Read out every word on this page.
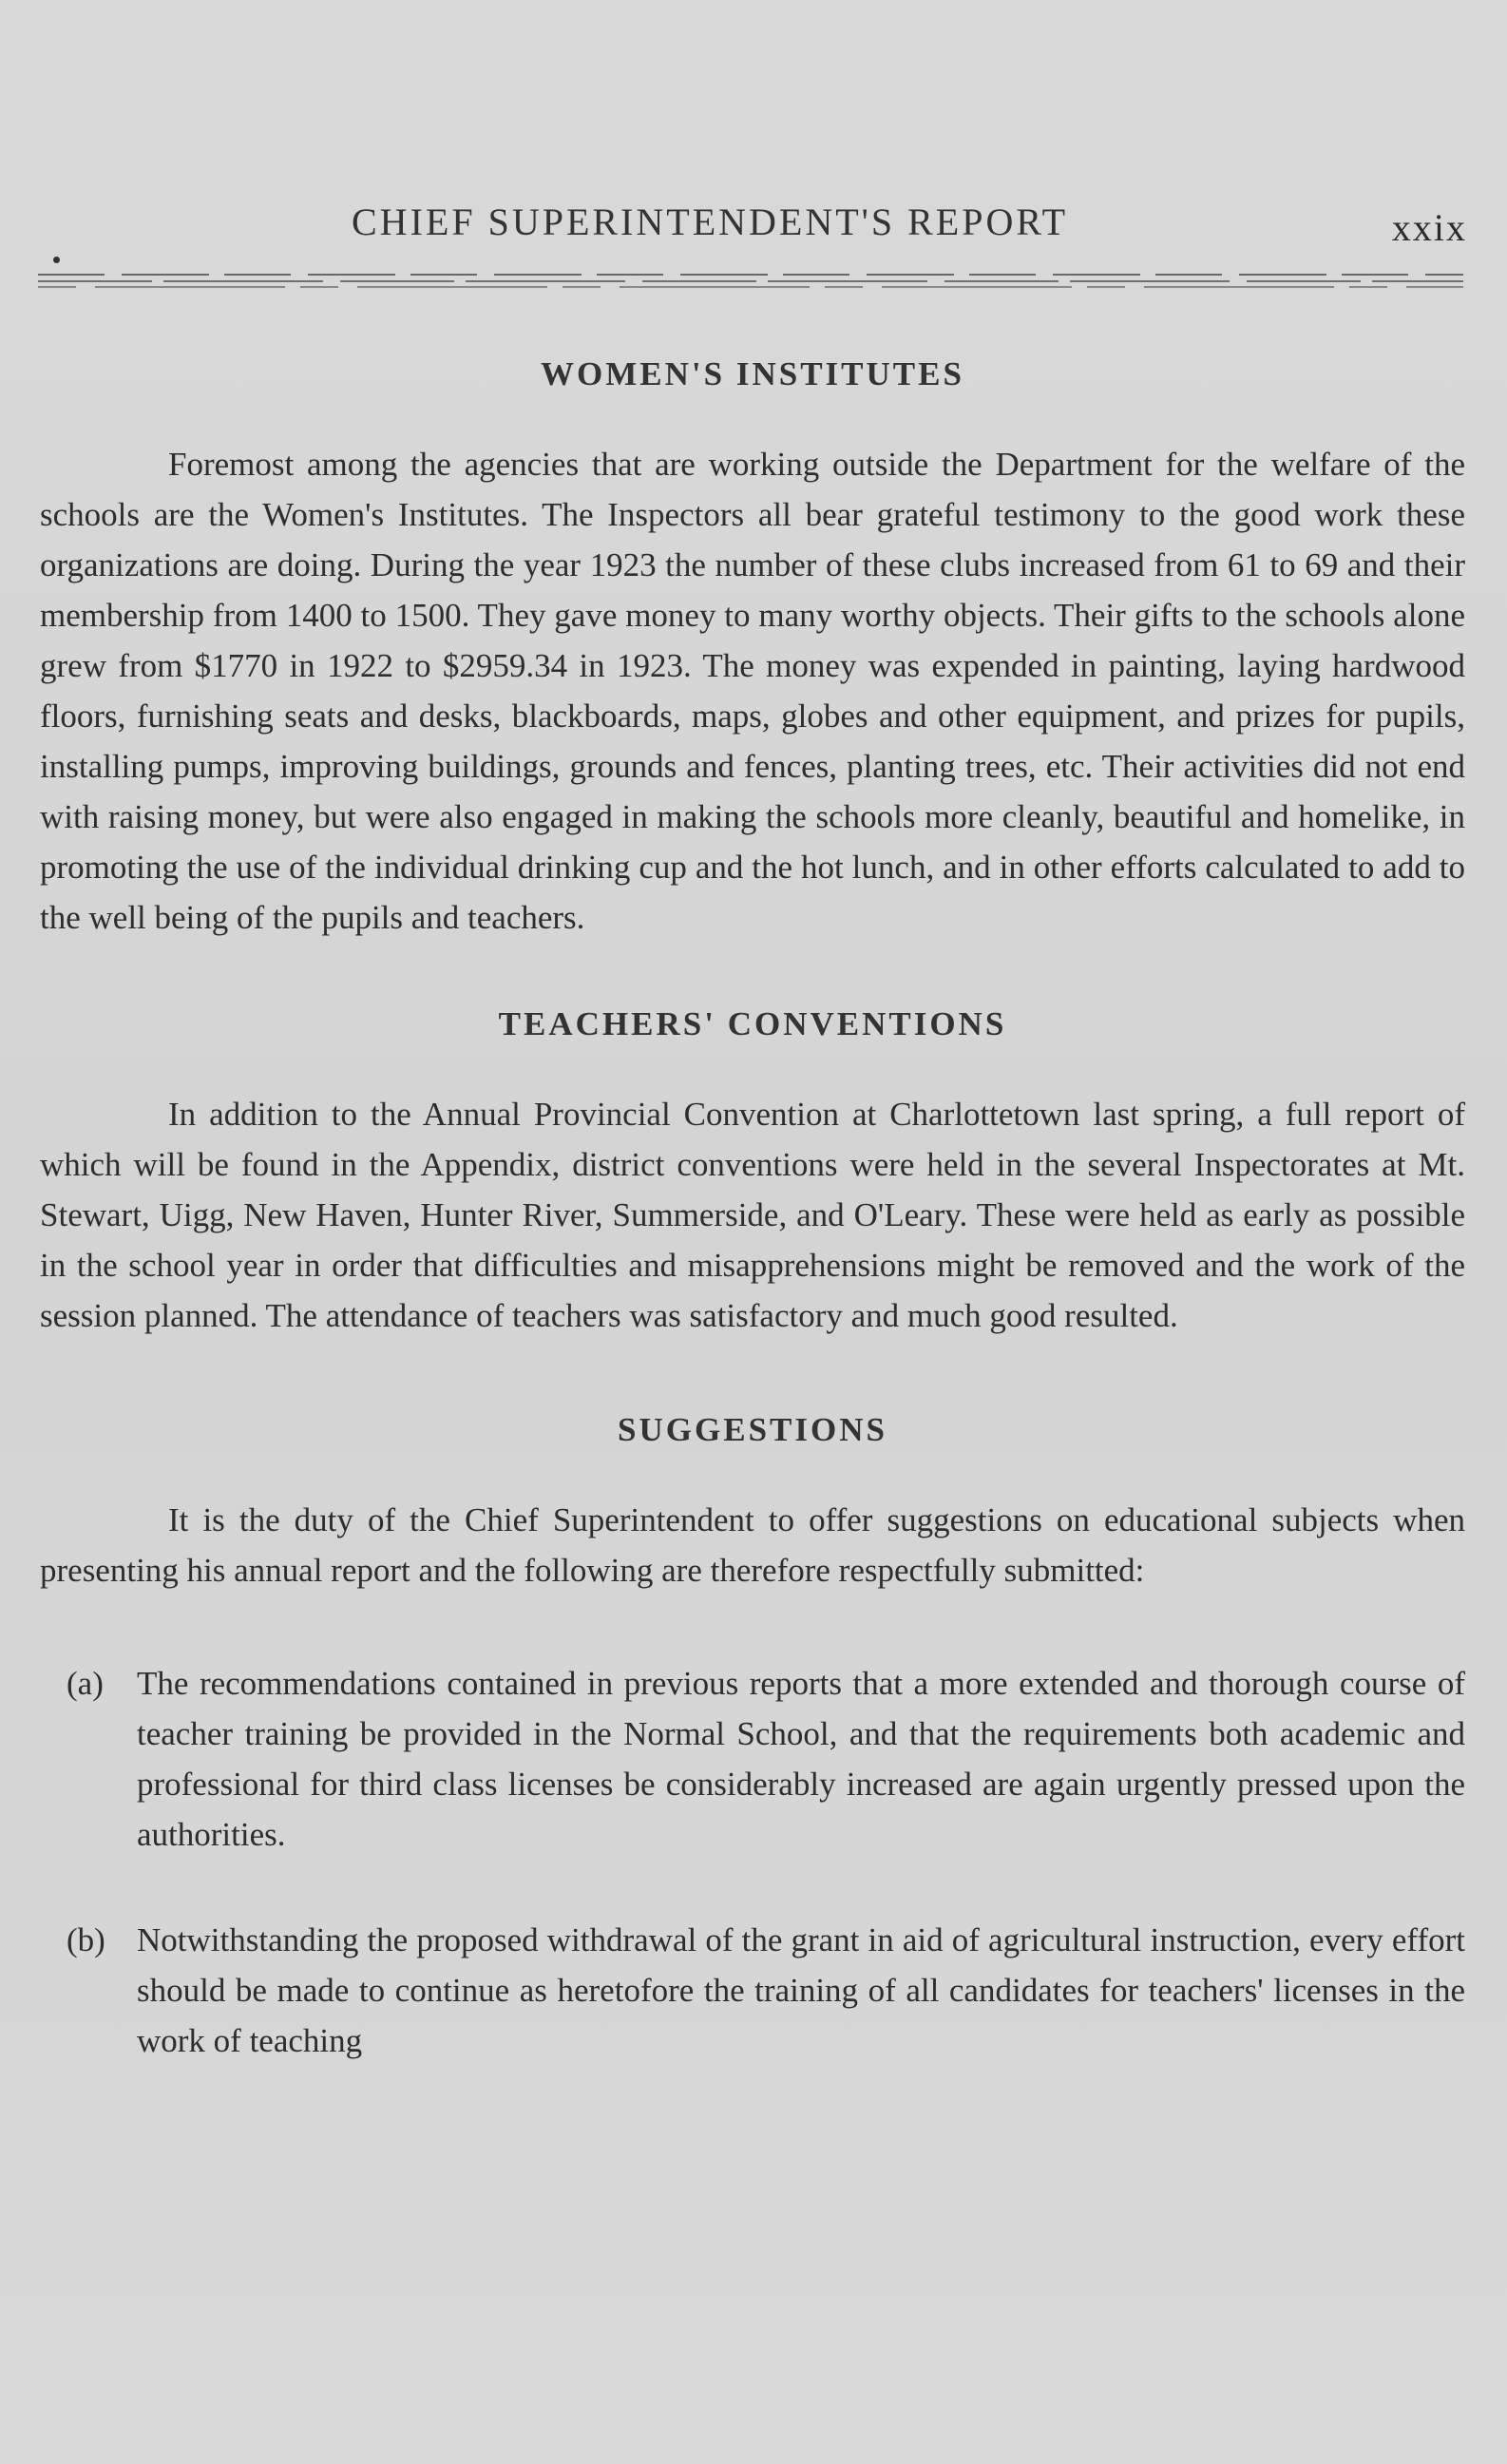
CHIEF SUPERINTENDENT'S REPORT	xxix
WOMEN'S INSTITUTES

Foremost among the agencies that are working outside the Department for the welfare of the schools are the Women's Institutes. The Inspectors all bear grateful testimony to the good work these organizations are doing. During the year 1923 the number of these clubs increased from 61 to 69 and their membership from 1400 to 1500. They gave money to many worthy objects. Their gifts to the schools alone grew from $1770 in 1922 to $2959.34 in 1923. The money was expended in painting, laying hardwood floors, furnishing seats and desks, blackboards, maps, globes and other equipment, and prizes for pupils, installing pumps, improving buildings, grounds and fences, planting trees, etc. Their activities did not end with raising money, but were also engaged in making the schools more cleanly, beautiful and homelike, in promoting the use of the individual drinking cup and the hot lunch, and in other efforts calculated to add to the well being of the pupils and teachers.

TEACHERS' CONVENTIONS

In addition to the Annual Provincial Convention at Charlottetown last spring, a full report of which will be found in the Appendix, district conventions were held in the several Inspectorates at Mt. Stewart, Uigg, New Haven, Hunter River, Summerside, and O'Leary. These were held as early as possible in the school year in order that difficulties and misapprehensions might be removed and the work of the session planned. The attendance of teachers was satisfactory and much good resulted.

SUGGESTIONS

It is the duty of the Chief Superintendent to offer suggestions on educational subjects when presenting his annual report and the following are therefore respectfully submitted:

(a) The recommendations contained in previous reports that a more extended and thorough course of teacher training be provided in the Normal School, and that the requirements both academic and professional for third class licenses be considerably increased are again urgently pressed upon the authorities.
(b) Notwithstanding the proposed withdrawal of the grant in aid of agricultural instruction, every effort should be made to continue as heretofore the training of all candidates for teachers' licenses in the work of teaching
